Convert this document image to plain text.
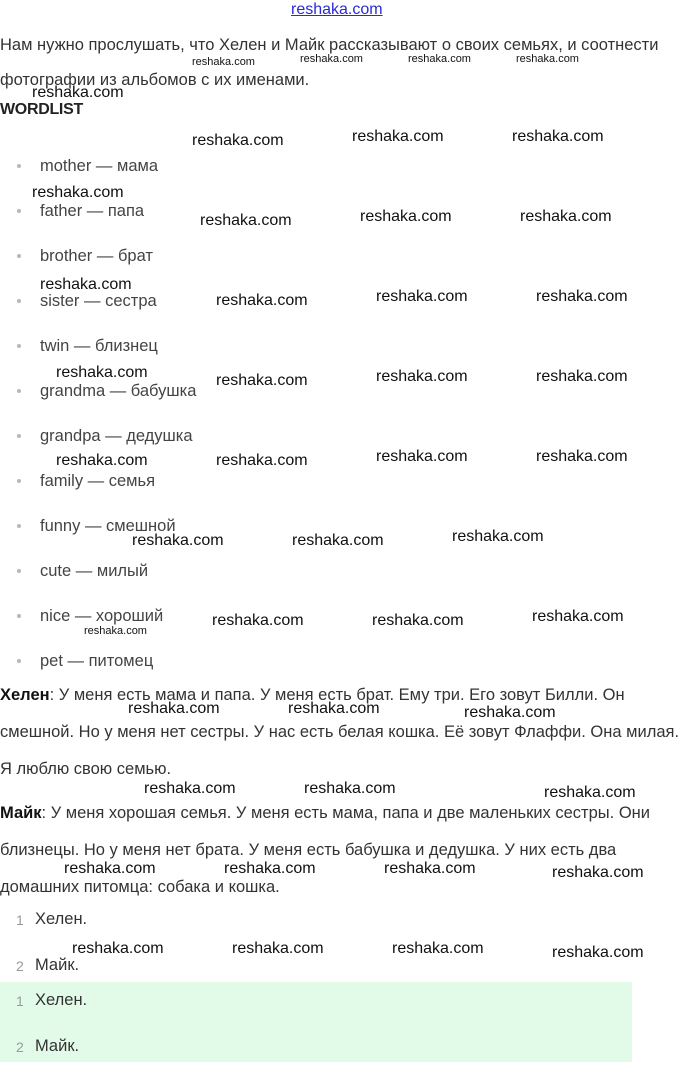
reshaka.com
Нам нужно прослушать, что Хелен и Майк рассказывают о своих семьях, и соотнести фотографии из альбомов с их именами.
WORDLIST
mother — мама
father — папа
brother — брат
sister — сестра
twin — близнец
grandma — бабушка
grandpa — дедушка
family — семья
funny — смешной
cute — милый
nice — хороший
pet — питомец
Хелен: У меня есть мама и папа. У меня есть брат. Ему три. Его зовут Билли. Он смешной. Но у меня нет сестры. У нас есть белая кошка. Её зовут Флаффи. Она милая. Я люблю свою семью.
Майк: У меня хорошая семья. У меня есть мама, папа и две маленьких сестры. Они близнецы. Но у меня нет брата. У меня есть бабушка и дедушка. У них есть два домашних питомца: собака и кошка.
1 Хелен.
2 Майк.
1 Хелен.
2 Майк.
reshaka.com	reshaka.com	reshaka.com	reshaka.com
reshaka.com
reshaka.com	reshaka.com	reshaka.com
reshaka.com
reshaka.com	reshaka.com	reshaka.com
reshaka.com
reshaka.com	reshaka.com	reshaka.com
reshaka.com	reshaka.com	reshaka.com	reshaka.com
reshaka.com	reshaka.com	reshaka.com	reshaka.com
reshaka.com	reshaka.com	reshaka.com
reshaka.com	reshaka.com	reshaka.com
reshaka.com
reshaka.com	reshaka.com	reshaka.com
reshaka.com	reshaka.com	reshaka.com
reshaka.com	reshaka.com	reshaka.com	reshaka.com
reshaka.com	reshaka.com	reshaka.com	reshaka.com
